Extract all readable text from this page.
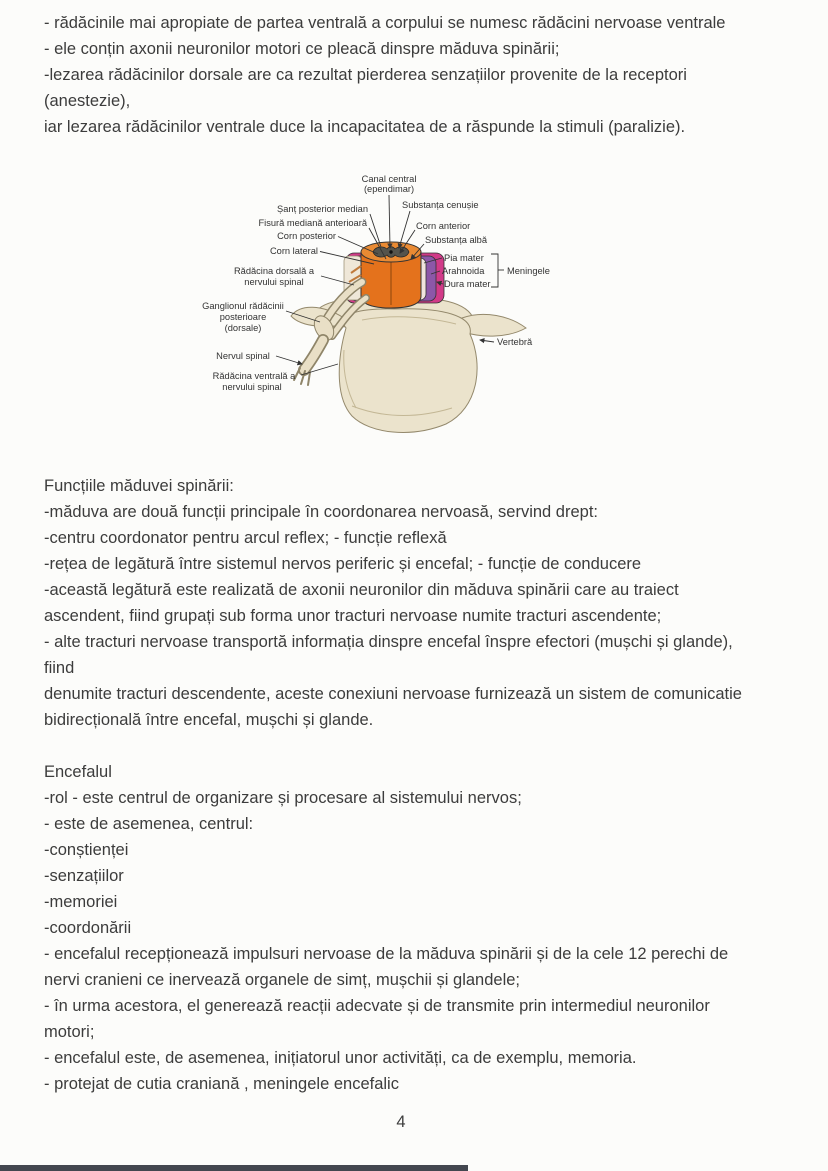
- rădăcinile mai apropiate de partea ventrală a corpului se numesc rădăcini nervoase ventrale

- ele conțin axonii neuronilor motori ce pleacă dinspre măduva spinării;

-lezarea rădăcinilor dorsale are ca rezultat pierderea senzațiilor provenite de la receptori (anestezie),

iar lezarea rădăcinilor ventrale duce la incapacitatea de a răspunde la stimuli (paralizie).

Canal central
(ependimar)
Substanța cenușie
Șanț posterior median
Fisură mediană anterioară	Corn anterior
Corn posterior	Substanța albă
Corn lateral
Pia mater
Arahnoida
Dura mater
Meningele
Rădăcina dorsală a
nervului spinal
Ganglionul rădăcinii
posterioare
(dorsale)
Nervul spinal
Rădăcina ventrală a
nervului spinal
Vertebră

Funcțiile măduvei spinării:

-măduva are două funcții principale în coordonarea nervoasă, servind drept:

-centru coordonator pentru arcul reflex; - funcție reflexă

-rețea de legătură între sistemul nervos periferic și encefal; - funcție de conducere

-această legătură este realizată de axonii neuronilor din măduva spinării care au traiect ascendent, fiind grupați sub forma unor tracturi nervoase numite tracturi ascendente;

- alte tracturi nervoase transportă informația dinspre encefal înspre efectori (mușchi și glande), fiind

denumite tracturi descendente, aceste conexiuni nervoase furnizează un sistem de comunicatie bidirecțională între encefal, mușchi și glande.

Encefalul

-rol - este centrul de organizare și procesare al sistemului nervos;

- este de asemenea, centrul:

-conștienței

-senzațiilor

-memoriei

-coordonării

- encefalul recepționează impulsuri nervoase de la măduva spinării și de la cele 12 perechi de nervi cranieni ce inervează organele de simț, mușchii și glandele;

- în urma acestora, el generează reacții adecvate și de transmite prin intermediul neuronilor motori;

- encefalul este, de asemenea, inițiatorul unor activități, ca de exemplu, memoria.

- protejat de cutia craniană , meningele encefalic

4
